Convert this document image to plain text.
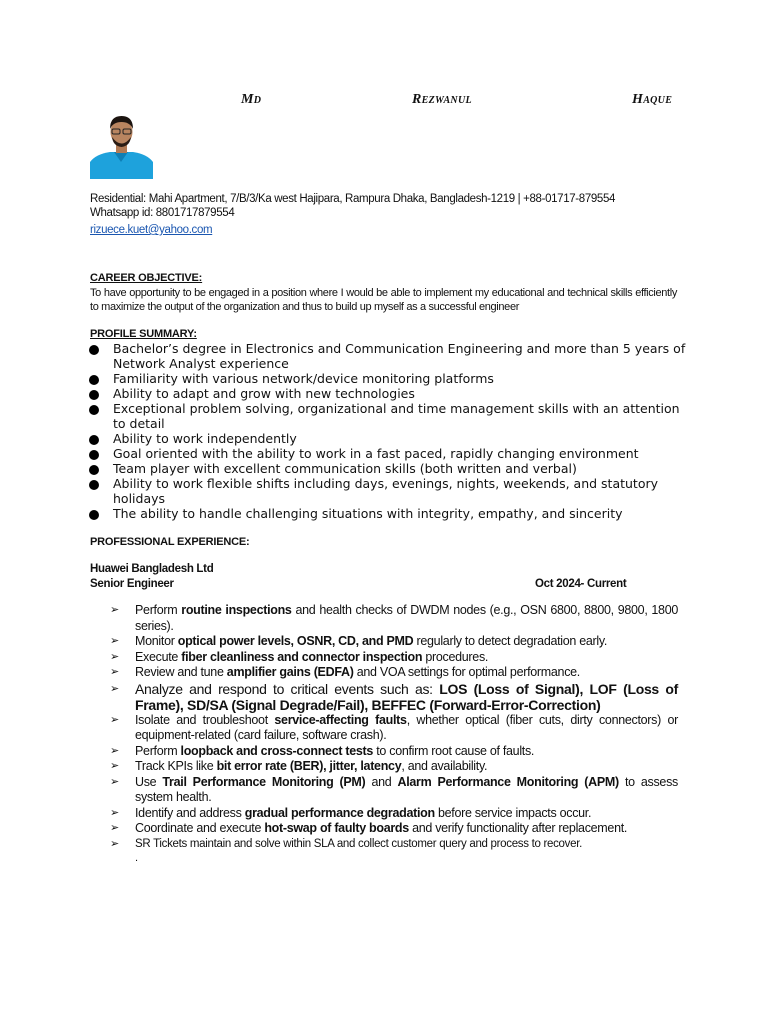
Md	Rezwanul	Haque
Residential: Mahi Apartment, 7/B/3/Ka west Hajipara, Rampura Dhaka, Bangladesh-1219 | +88-01717-879554
Whatsapp id: 8801717879554
rizuece.kuet@yahoo.com
CAREER OBJECTIVE:
To have opportunity to be engaged in a position where I would be able to implement my educational and technical skills efficiently to maximize the output of the organization and thus to build up myself as a successful engineer
PROFILE SUMMARY:
Bachelor’s degree in Electronics and Communication Engineering and more than 5 years of Network Analyst experience
Familiarity with various network/device monitoring platforms
Ability to adapt and grow with new technologies
Exceptional problem solving, organizational and time management skills with an attention to detail
Ability to work independently
Goal oriented with the ability to work in a fast paced, rapidly changing environment
Team player with excellent communication skills (both written and verbal)
Ability to work flexible shifts including days, evenings, nights, weekends, and statutory holidays
The ability to handle challenging situations with integrity, empathy, and sincerity
PROFESSIONAL EXPERIENCE:
Huawei Bangladesh Ltd
Senior Engineer	Oct 2024- Current
➢ Perform routine inspections and health checks of DWDM nodes (e.g., OSN 6800, 8800, 9800, 1800 series).
➢ Monitor optical power levels, OSNR, CD, and PMD regularly to detect degradation early.
➢ Execute fiber cleanliness and connector inspection procedures.
➢ Review and tune amplifier gains (EDFA) and VOA settings for optimal performance.
➢ Analyze and respond to critical events such as: LOS (Loss of Signal), LOF (Loss of Frame), SD/SA (Signal Degrade/Fail), BEFFEC (Forward-Error-Correction)
➢ Isolate and troubleshoot service-affecting faults, whether optical (fiber cuts, dirty connectors) or equipment-related (card failure, software crash).
➢ Perform loopback and cross-connect tests to confirm root cause of faults.
➢ Track KPIs like bit error rate (BER), jitter, latency, and availability.
➢ Use Trail Performance Monitoring (PM) and Alarm Performance Monitoring (APM) to assess system health.
➢ Identify and address gradual performance degradation before service impacts occur.
➢ Coordinate and execute hot-swap of faulty boards and verify functionality after replacement.
➢ SR Tickets maintain and solve within SLA and collect customer query and process to recover.
.
